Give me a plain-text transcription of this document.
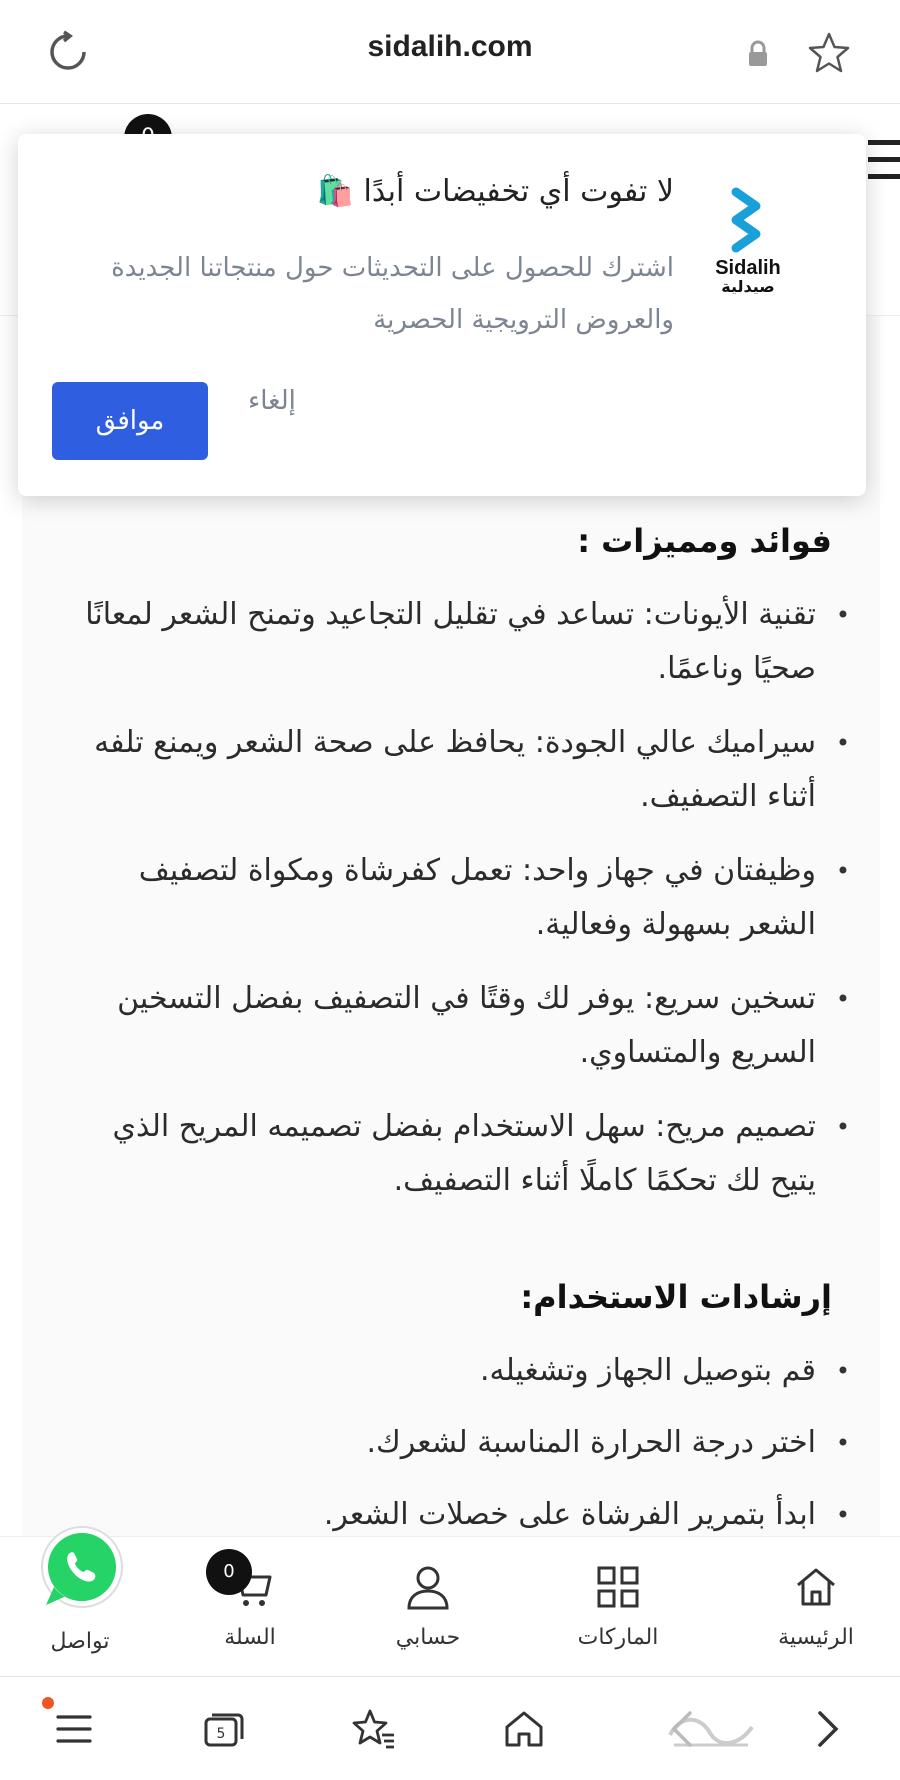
sidalih.com
فوائد ومميزات :
• تقنية الأيونات: تساعد في تقليل التجاعيد وتمنح الشعر لمعانًا صحيًا وناعمًا.
• سيراميك عالي الجودة: يحافظ على صحة الشعر ويمنع تلفه أثناء التصفيف.
• وظيفتان في جهاز واحد: تعمل كفرشاة ومكواة لتصفيف الشعر بسهولة وفعالية.
• تسخين سريع: يوفر لك وقتًا في التصفيف بفضل التسخين السريع والمتساوي.
• تصميم مريح: سهل الاستخدام بفضل تصميمه المريح الذي يتيح لك تحكمًا كاملًا أثناء التصفيف.
إرشادات الاستخدام:
• قم بتوصيل الجهاز وتشغيله.
• اختر درجة الحرارة المناسبة لشعرك.
• ابدأ بتمرير الفرشاة على خصلات الشعر.
Sidalih
صيدلية
لا تفوت أي تخفيضات أبدًا 🛍️
اشترك للحصول على التحديثات حول منتجاتنا الجديدة والعروض الترويجية الحصرية
إلغاء
موافق
الرئيسية
الماركات
حسابي
السلة
0
تواصل
5
